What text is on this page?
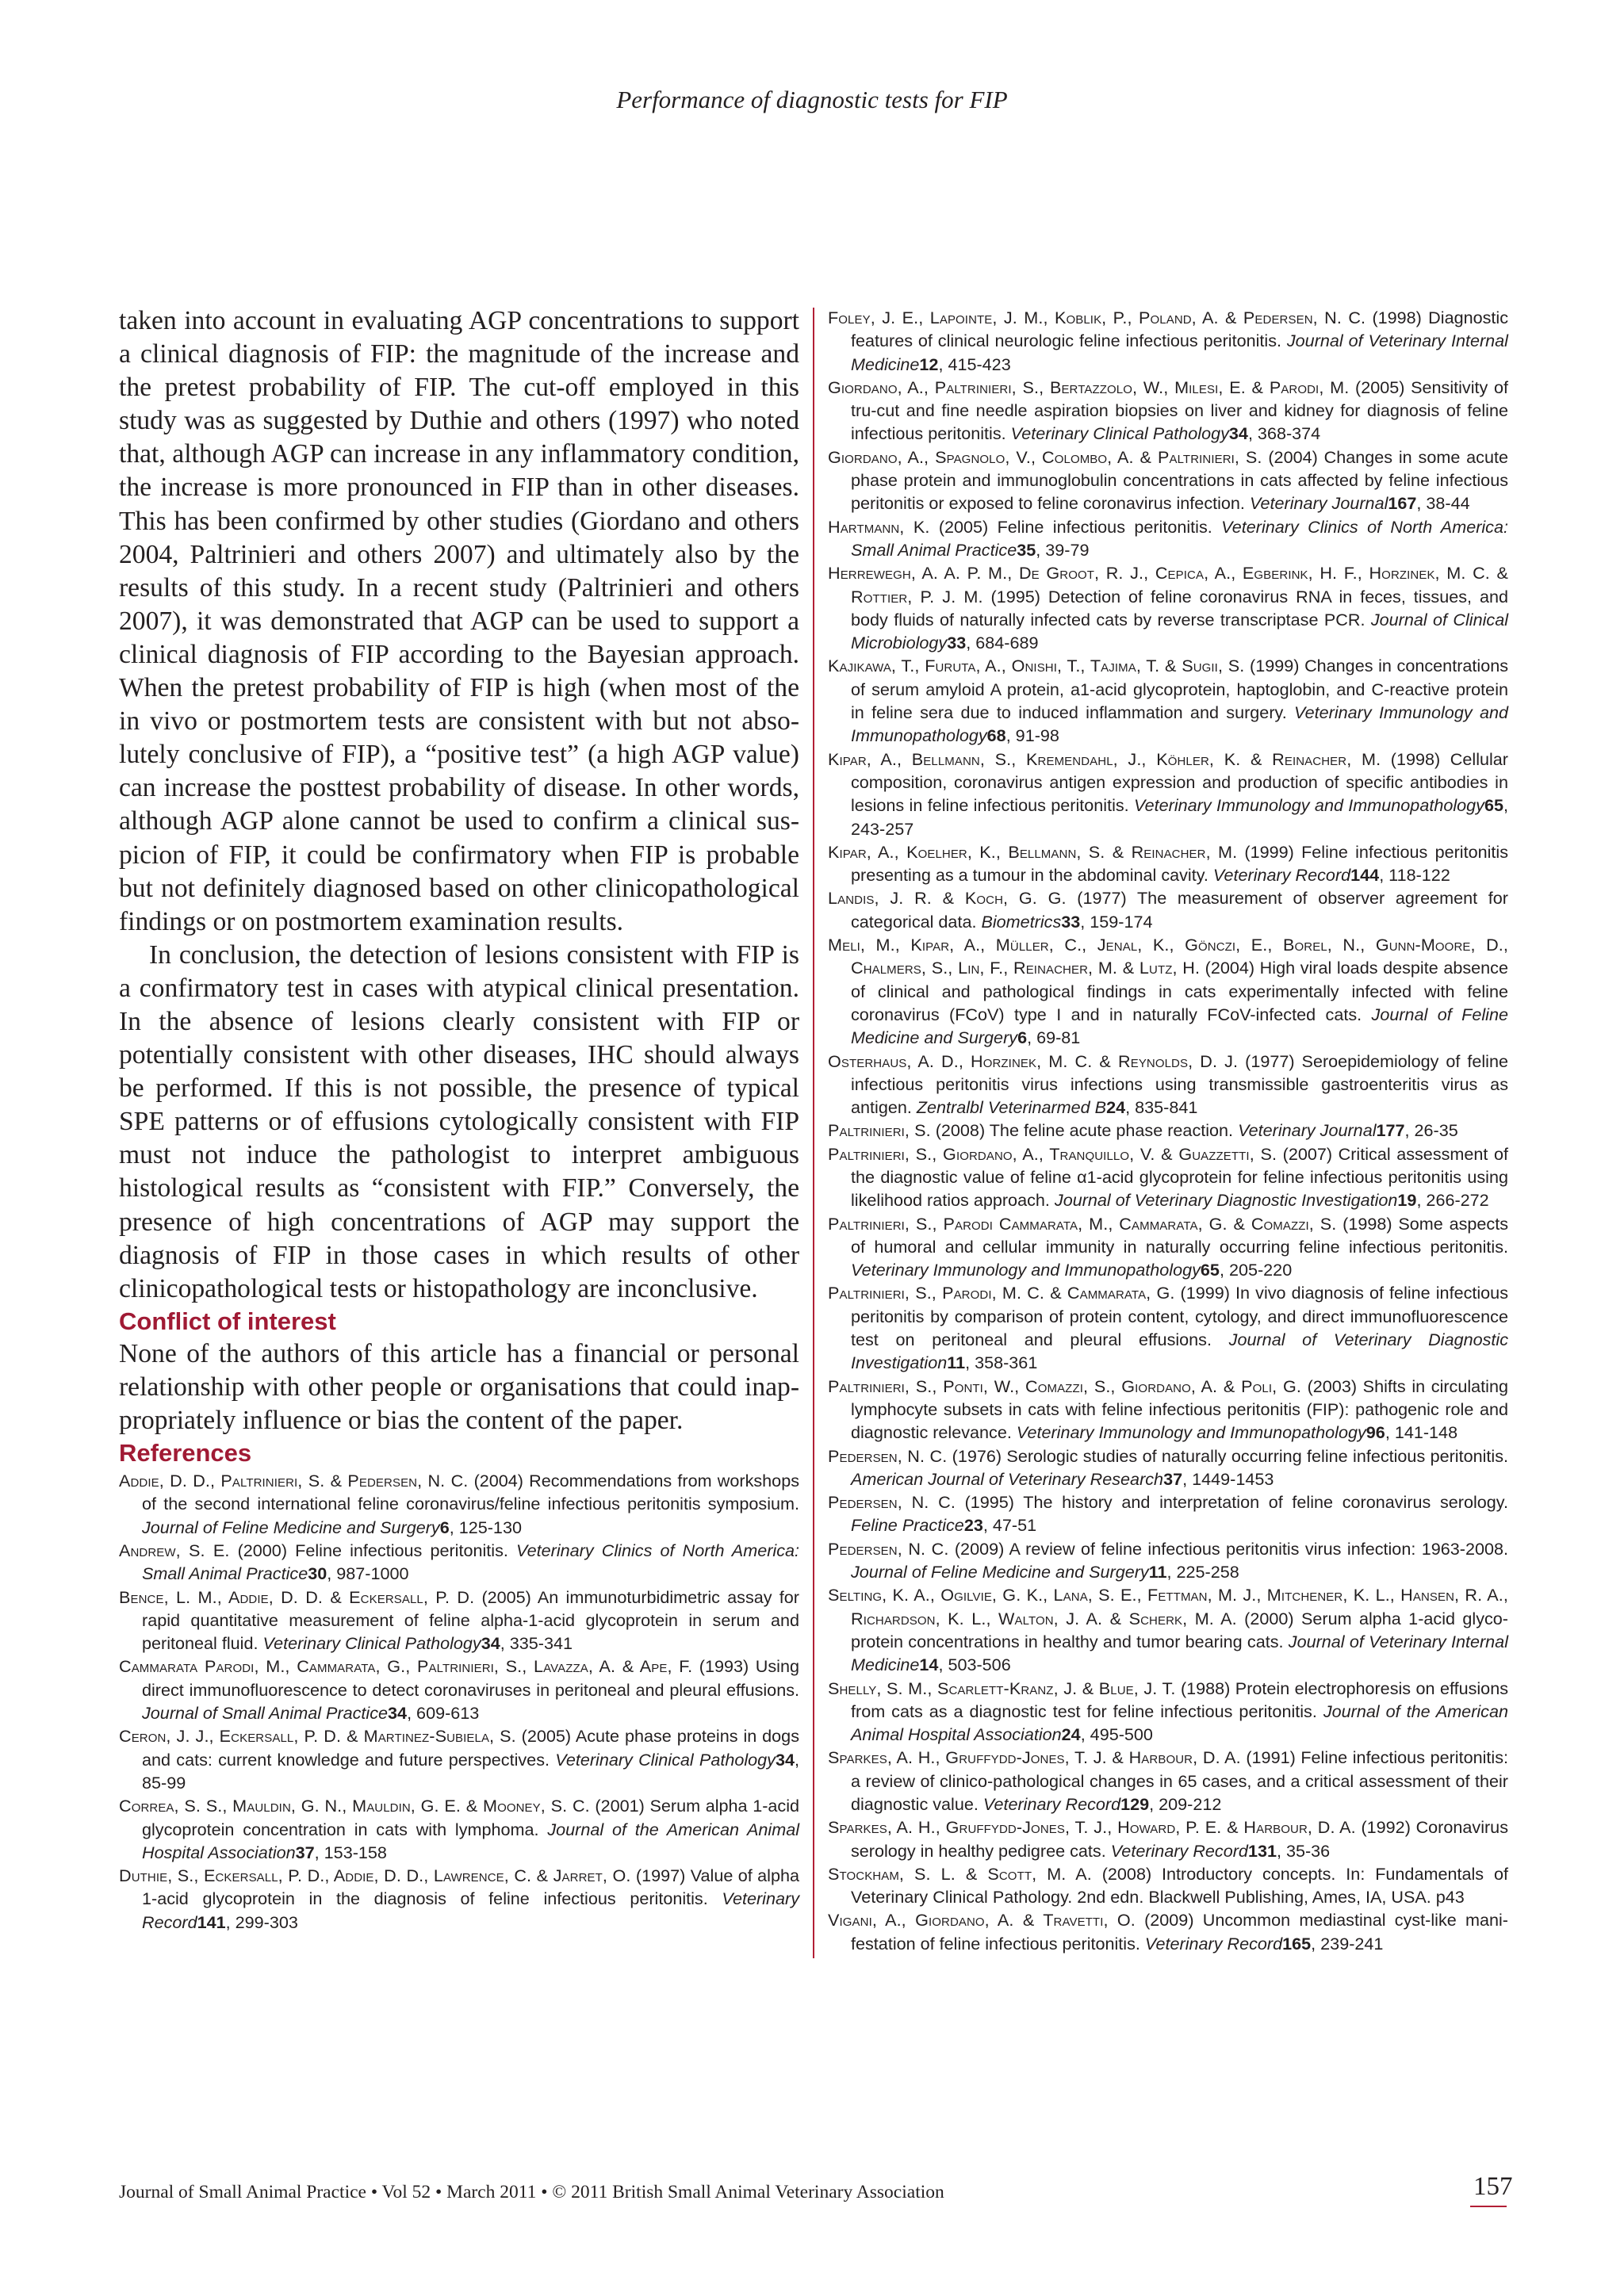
Performance of diagnostic tests for FIP

taken into account in evaluating AGP concentrations to support a clinical diagnosis of FIP: the magnitude of the increase and the pretest probability of FIP. The cut-off employed in this study was as suggested by Duthie and others (1997) who noted that, although AGP can increase in any inflammatory condition, the increase is more pronounced in FIP than in other diseases. This has been confirmed by other studies (Giordano and others 2004, Paltrinieri and others 2007) and ultimately also by the results of this study. In a recent study (Paltrinieri and others 2007), it was demonstrated that AGP can be used to support a clinical diagnosis of FIP according to the Bayesian approach. When the pretest probability of FIP is high (when most of the in vivo or postmortem tests are consistent with but not absolutely conclusive of FIP), a “positive test” (a high AGP value) can increase the posttest probability of disease. In other words, although AGP alone cannot be used to confirm a clinical suspicion of FIP, it could be confirmatory when FIP is probable but not definitely diagnosed based on other clinicopathological findings or on postmortem examination results.

In conclusion, the detection of lesions consistent with FIP is a confirmatory test in cases with atypical clinical presentation. In the absence of lesions clearly consistent with FIP or potentially consistent with other diseases, IHC should always be performed. If this is not possible, the presence of typical SPE patterns or of effusions cytologically consistent with FIP must not induce the pathologist to interpret ambiguous histological results as “consistent with FIP.” Conversely, the presence of high concentrations of AGP may support the diagnosis of FIP in those cases in which results of other clinicopathological tests or histopathology are inconclusive.

Conflict of interest

None of the authors of this article has a financial or personal relationship with other people or organisations that could inappropriately influence or bias the content of the paper.

References
Addie, D. D., Paltrinieri, S. & Pedersen, N. C. (2004) Recommendations from workshops of the second international feline coronavirus/feline infectious peritonitis symposium. Journal of Feline Medicine and Surgery6, 125-130
Andrew, S. E. (2000) Feline infectious peritonitis. Veterinary Clinics of North America: Small Animal Practice30, 987-1000
Bence, L. M., Addie, D. D. & Eckersall, P. D. (2005) An immunoturbidimetric assay for rapid quantitative measurement of feline alpha-1-acid glycoprotein in serum and peritoneal fluid. Veterinary Clinical Pathology34, 335-341
Cammarata Parodi, M., Cammarata, G., Paltrinieri, S., Lavazza, A. & Ape, F. (1993) Using direct immunofluorescence to detect coronaviruses in peritoneal and pleural effusions. Journal of Small Animal Practice34, 609-613
Ceron, J. J., Eckersall, P. D. & Martinez-Subiela, S. (2005) Acute phase proteins in dogs and cats: current knowledge and future perspectives. Veterinary Clinical Pathology34, 85-99
Correa, S. S., Mauldin, G. N., Mauldin, G. E. & Mooney, S. C. (2001) Serum alpha 1-acid glycoprotein concentration in cats with lymphoma. Journal of the American Animal Hospital Association37, 153-158
Duthie, S., Eckersall, P. D., Addie, D. D., Lawrence, C. & Jarret, O. (1997) Value of alpha 1-acid glycoprotein in the diagnosis of feline infectious peritonitis. Veterinary Record141, 299-303
Foley, J. E., Lapointe, J. M., Koblik, P., Poland, A. & Pedersen, N. C. (1998) Diagnostic features of clinical neurologic feline infectious peritonitis. Journal of Veterinary Internal Medicine12, 415-423
Giordano, A., Paltrinieri, S., Bertazzolo, W., Milesi, E. & Parodi, M. (2005) Sensitivity of tru-cut and fine needle aspiration biopsies on liver and kidney for diagnosis of feline infectious peritonitis. Veterinary Clinical Pathology34, 368-374
Giordano, A., Spagnolo, V., Colombo, A. & Paltrinieri, S. (2004) Changes in some acute phase protein and immunoglobulin concentrations in cats affected by feline infectious peritonitis or exposed to feline coronavirus infection. Veterinary Journal167, 38-44
Hartmann, K. (2005) Feline infectious peritonitis. Veterinary Clinics of North America: Small Animal Practice35, 39-79
Herrewegh, A. A. P. M., De Groot, R. J., Cepica, A., Egberink, H. F., Horzinek, M. C. & Rottier, P. J. M. (1995) Detection of feline coronavirus RNA in feces, tissues, and body fluids of naturally infected cats by reverse transcriptase PCR. Journal of Clinical Microbiology33, 684-689
Kajikawa, T., Furuta, A., Onishi, T., Tajima, T. & Sugii, S. (1999) Changes in concentrations of serum amyloid A protein, a1-acid glycoprotein, haptoglobin, and C-reactive protein in feline sera due to induced inflammation and surgery. Veterinary Immunology and Immunopathology68, 91-98
Kipar, A., Bellmann, S., Kremendahl, J., Köhler, K. & Reinacher, M. (1998) Cellular composition, coronavirus antigen expression and production of specific antibodies in lesions in feline infectious peritonitis. Veterinary Immunology and Immunopathology65, 243-257
Kipar, A., Koelher, K., Bellmann, S. & Reinacher, M. (1999) Feline infectious peritonitis presenting as a tumour in the abdominal cavity. Veterinary Record144, 118-122
Landis, J. R. & Koch, G. G. (1977) The measurement of observer agreement for categorical data. Biometrics33, 159-174
Meli, M., Kipar, A., Müller, C., Jenal, K., Gönczi, E., Borel, N., Gunn-Moore, D., Chalmers, S., Lin, F., Reinacher, M. & Lutz, H. (2004) High viral loads despite absence of clinical and pathological findings in cats experimentally infected with feline coronavirus (FCoV) type I and in naturally FCoV-infected cats. Journal of Feline Medicine and Surgery6, 69-81
Osterhaus, A. D., Horzinek, M. C. & Reynolds, D. J. (1977) Seroepidemiology of feline infectious peritonitis virus infections using transmissible gastroenteritis virus as antigen. Zentralbl Veterinarmed B24, 835-841
Paltrinieri, S. (2008) The feline acute phase reaction. Veterinary Journal177, 26-35
Paltrinieri, S., Giordano, A., Tranquillo, V. & Guazzetti, S. (2007) Critical assessment of the diagnostic value of feline α1-acid glycoprotein for feline infectious peritonitis using likelihood ratios approach. Journal of Veterinary Diagnostic Investigation19, 266-272
Paltrinieri, S., Parodi Cammarata, M., Cammarata, G. & Comazzi, S. (1998) Some aspects of humoral and cellular immunity in naturally occurring feline infectious peritonitis. Veterinary Immunology and Immunopathology65, 205-220
Paltrinieri, S., Parodi, M. C. & Cammarata, G. (1999) In vivo diagnosis of feline infectious peritonitis by comparison of protein content, cytology, and direct immunofluorescence test on peritoneal and pleural effusions. Journal of Veterinary Diagnostic Investigation11, 358-361
Paltrinieri, S., Ponti, W., Comazzi, S., Giordano, A. & Poli, G. (2003) Shifts in circulating lymphocyte subsets in cats with feline infectious peritonitis (FIP): pathogenic role and diagnostic relevance. Veterinary Immunology and Immunopathology96, 141-148
Pedersen, N. C. (1976) Serologic studies of naturally occurring feline infectious peritonitis. American Journal of Veterinary Research37, 1449-1453
Pedersen, N. C. (1995) The history and interpretation of feline coronavirus serology. Feline Practice23, 47-51
Pedersen, N. C. (2009) A review of feline infectious peritonitis virus infection: 1963-2008. Journal of Feline Medicine and Surgery11, 225-258
Selting, K. A., Ogilvie, G. K., Lana, S. E., Fettman, M. J., Mitchener, K. L., Hansen, R. A., Richardson, K. L., Walton, J. A. & Scherk, M. A. (2000) Serum alpha 1-acid glycoprotein concentrations in healthy and tumor bearing cats. Journal of Veterinary Internal Medicine14, 503-506
Shelly, S. M., Scarlett-Kranz, J. & Blue, J. T. (1988) Protein electrophoresis on effusions from cats as a diagnostic test for feline infectious peritonitis. Journal of the American Animal Hospital Association24, 495-500
Sparkes, A. H., Gruffydd-Jones, T. J. & Harbour, D. A. (1991) Feline infectious peritonitis: a review of clinico-pathological changes in 65 cases, and a critical assessment of their diagnostic value. Veterinary Record129, 209-212
Sparkes, A. H., Gruffydd-Jones, T. J., Howard, P. E. & Harbour, D. A. (1992) Coronavirus serology in healthy pedigree cats. Veterinary Record131, 35-36
Stockham, S. L. & Scott, M. A. (2008) Introductory concepts. In: Fundamentals of Veterinary Clinical Pathology. 2nd edn. Blackwell Publishing, Ames, IA, USA. p43
Vigani, A., Giordano, A. & Travetti, O. (2009) Uncommon mediastinal cyst-like manifestation of feline infectious peritonitis. Veterinary Record165, 239-241
Journal of Small Animal Practice • Vol 52 • March 2011 • © 2011 British Small Animal Veterinary Association	157
